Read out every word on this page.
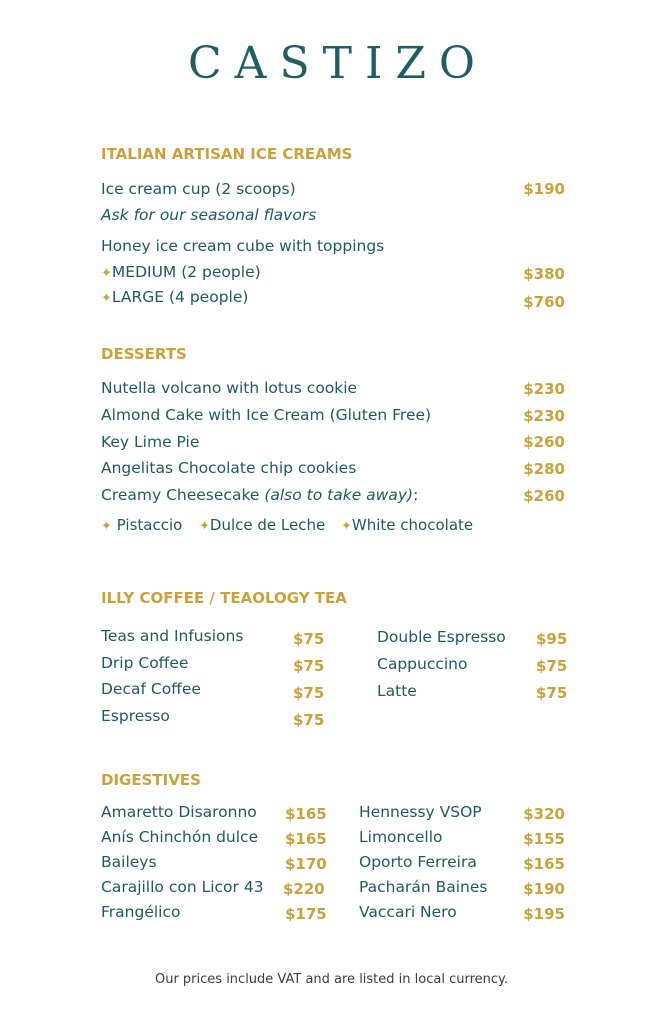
CASTIZO
ITALIAN ARTISAN ICE CREAMS
Ice cream cup (2 scoops)	$190
Ask for our seasonal flavors
Honey ice cream cube with toppings
✦MEDIUM (2 people)	$380
✦LARGE (4 people)	$760
DESSERTS
Nutella volcano with lotus cookie	$230
Almond Cake with Ice Cream (Gluten Free)	$230
Key Lime Pie	$260
Angelitas Chocolate chip cookies	$280
Creamy Cheesecake (also to take away):	$260
✦ Pistaccio ✦Dulce de Leche ✦White chocolate
ILLY COFFEE / TEAOLOGY TEA
Teas and Infusions	$75
Drip Coffee	$75
Decaf Coffee	$75
Espresso	$75
Double Espresso $95
Cappuccino	$75
Latte	$75
DIGESTIVES
Amaretto Disaronno $165
Anís Chinchón dulce $165
Baileys	$170
Carajillo con Licor 43 $220
Frangélico	$175
Hennessy VSOP	$320
Limoncello	$155
Oporto Ferreira	$165
Pacharán Baines $190
Vaccari Nero	$195
Our prices include VAT and are listed in local currency.
